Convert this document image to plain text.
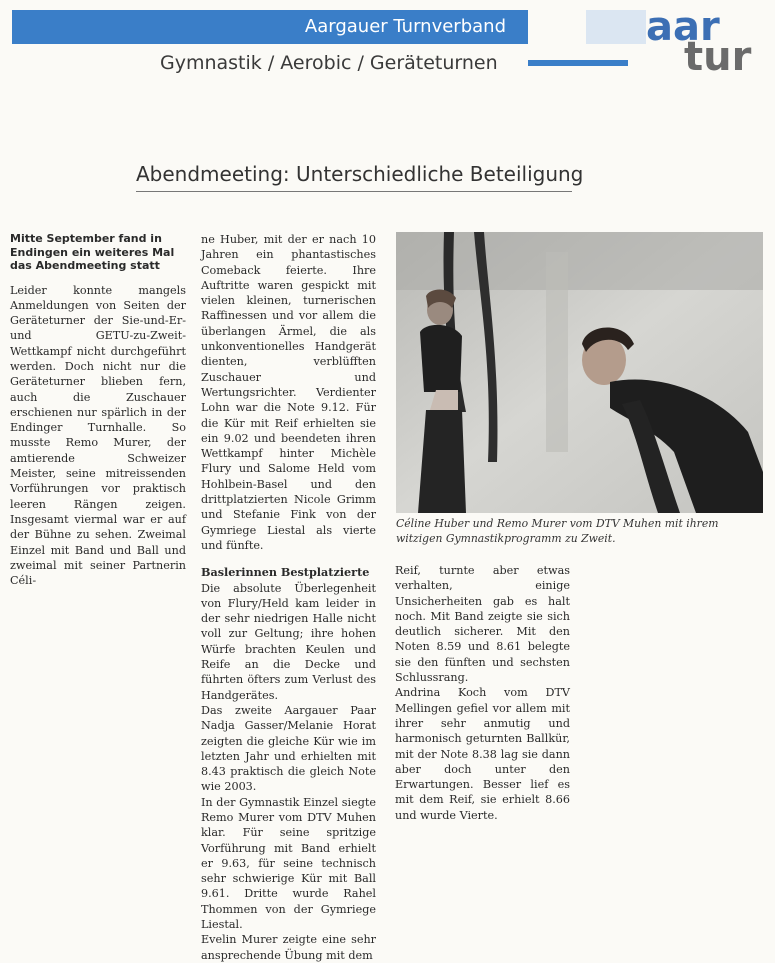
Aargauer Turnverband	aar
tur
Gymnastik / Aerobic / Geräteturnen
Abendmeeting: Unterschiedliche Beteiligung

Mitte September fand in Endingen ein weiteres Mal das Abendmeeting statt

Leider konnte mangels Anmeldungen von Seiten der Geräteturner der Sie-und-Er- und GETU-zu-Zweit-Wettkampf nicht durchgeführt werden. Doch nicht nur die Geräteturner blieben fern, auch die Zuschauer erschienen nur spärlich in der Endinger Turnhalle. So musste Remo Murer, der amtierende Schweizer Meister, seine mitreissenden Vorführungen vor praktisch leeren Rängen zeigen. Insgesamt viermal war er auf der Bühne zu sehen. Zweimal Einzel mit Band und Ball und zweimal mit seiner Partnerin Céli-

ne Huber, mit der er nach 10 Jahren ein phantastisches Comeback feierte. Ihre Auftritte waren gespickt mit vielen kleinen, turnerischen Raffinessen und vor allem die überlangen Ärmel, die als unkonventionelles Handgerät dienten, verblüfften Zuschauer und Wertungsrichter. Verdienter Lohn war die Note 9.12. Für die Kür mit Reif erhielten sie ein 9.02 und beendeten ihren Wettkampf hinter Michèle Flury und Salome Held vom Hohlbein-Basel und den drittplatzierten Nicole Grimm und Stefanie Fink von der Gymriege Liestal als vierte und fünfte.

Baslerinnen Bestplatzierte

Die absolute Überlegenheit von Flury/Held kam leider in der sehr niedrigen Halle nicht voll zur Geltung; ihre hohen Würfe brachten Keulen und Reife an die Decke und führten öfters zum Verlust des Handgerätes.

Das zweite Aargauer Paar Nadja Gasser/Melanie Horat zeigten die gleiche Kür wie im letzten Jahr und erhielten mit 8.43 praktisch die gleich Note wie 2003.

In der Gymnastik Einzel siegte Remo Murer vom DTV Muhen klar. Für seine spritzige Vorführung mit Band erhielt er 9.63, für seine technisch sehr schwierige Kür mit Ball 9.61. Dritte wurde Rahel Thommen von der Gymriege Liestal.

Evelin Murer zeigte eine sehr ansprechende Übung mit dem

Céline Huber und Remo Murer vom DTV Muhen mit ihrem witzigen Gymnastikprogramm zu Zweit.

Reif, turnte aber etwas verhalten, einige Unsicherheiten gab es halt noch. Mit Band zeigte sie sich deutlich sicherer. Mit den Noten 8.59 und 8.61 belegte sie den fünften und sechsten Schlussrang.

Andrina Koch vom DTV Mellingen gefiel vor allem mit ihrer sehr anmutig und harmonisch geturnten Ballkür, mit der Note 8.38 lag sie dann aber doch unter den Erwartungen. Besser lief es mit dem Reif, sie erhielt 8.66 und wurde Vierte.
